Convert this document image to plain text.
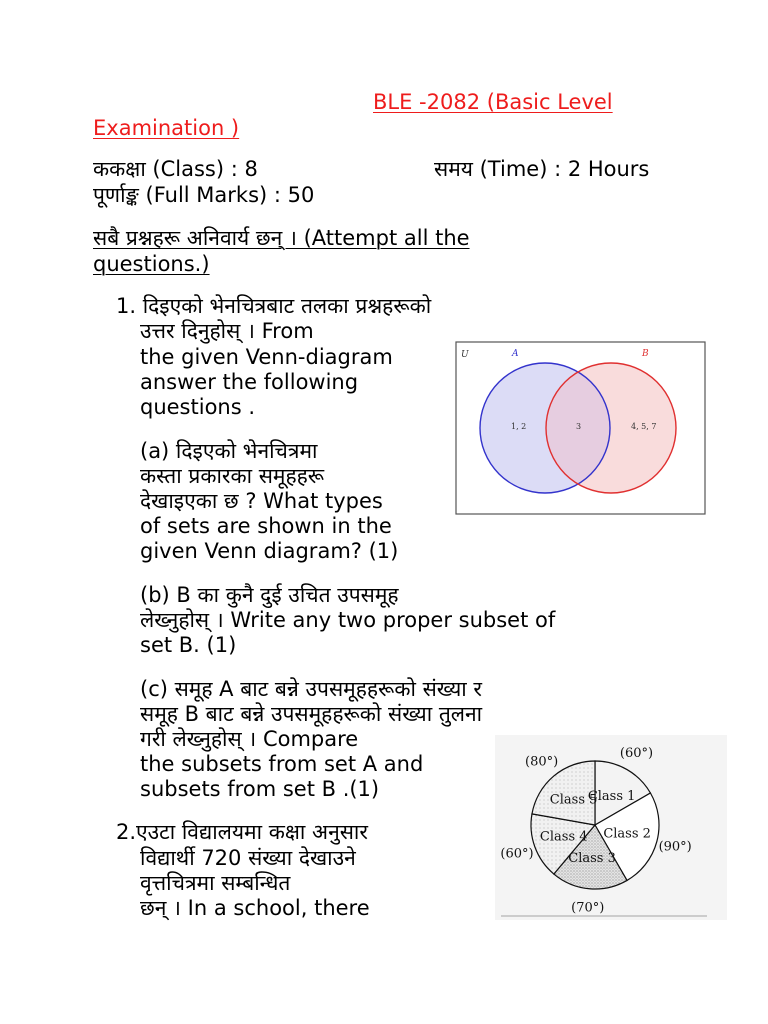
BLE -2082 (Basic Level

Examination )

ककक्षा (Class) : 8	समय (Time) : 2 Hours

पूर्णाङ्क (Full Marks) : 50

सबै प्रश्नहरू अनिवार्य छन् । (Attempt all the

questions.)

1. दिइएको भेनचित्रबाट तलका प्रश्नहरूको

उत्तर दिनुहोस् । From

the given Venn-diagram

answer the following

questions .

(a) दिइएको भेनचित्रमा

कस्ता प्रकारका समूहहरू

देखाइएका छ ? What types

of sets are shown in the

given Venn diagram? (1)

(b) B का कुनै दुई उचित उपसमूह

लेख्नुहोस् । Write any two proper subset of

set B. (1)

(c) समूह A बाट बन्ने उपसमूहहरूको संख्या र

समूह B बाट बन्ने उपसमूहहरूको संख्या तुलना

गरी लेख्नुहोस् । Compare

the subsets from set A and

subsets from set B .(1)

2.एउटा विद्यालयमा कक्षा अनुसार

विद्यार्थी 720 संख्या देखाउने

वृत्तचित्रमा सम्बन्धित

छन् । In a school, there

U	A	B
1, 2	3	4, 5, 7
Class 1
(60°)
Class 2
(90°)
Class 3
(70°)
Class 4
(60°)
Class 5
(80°)
